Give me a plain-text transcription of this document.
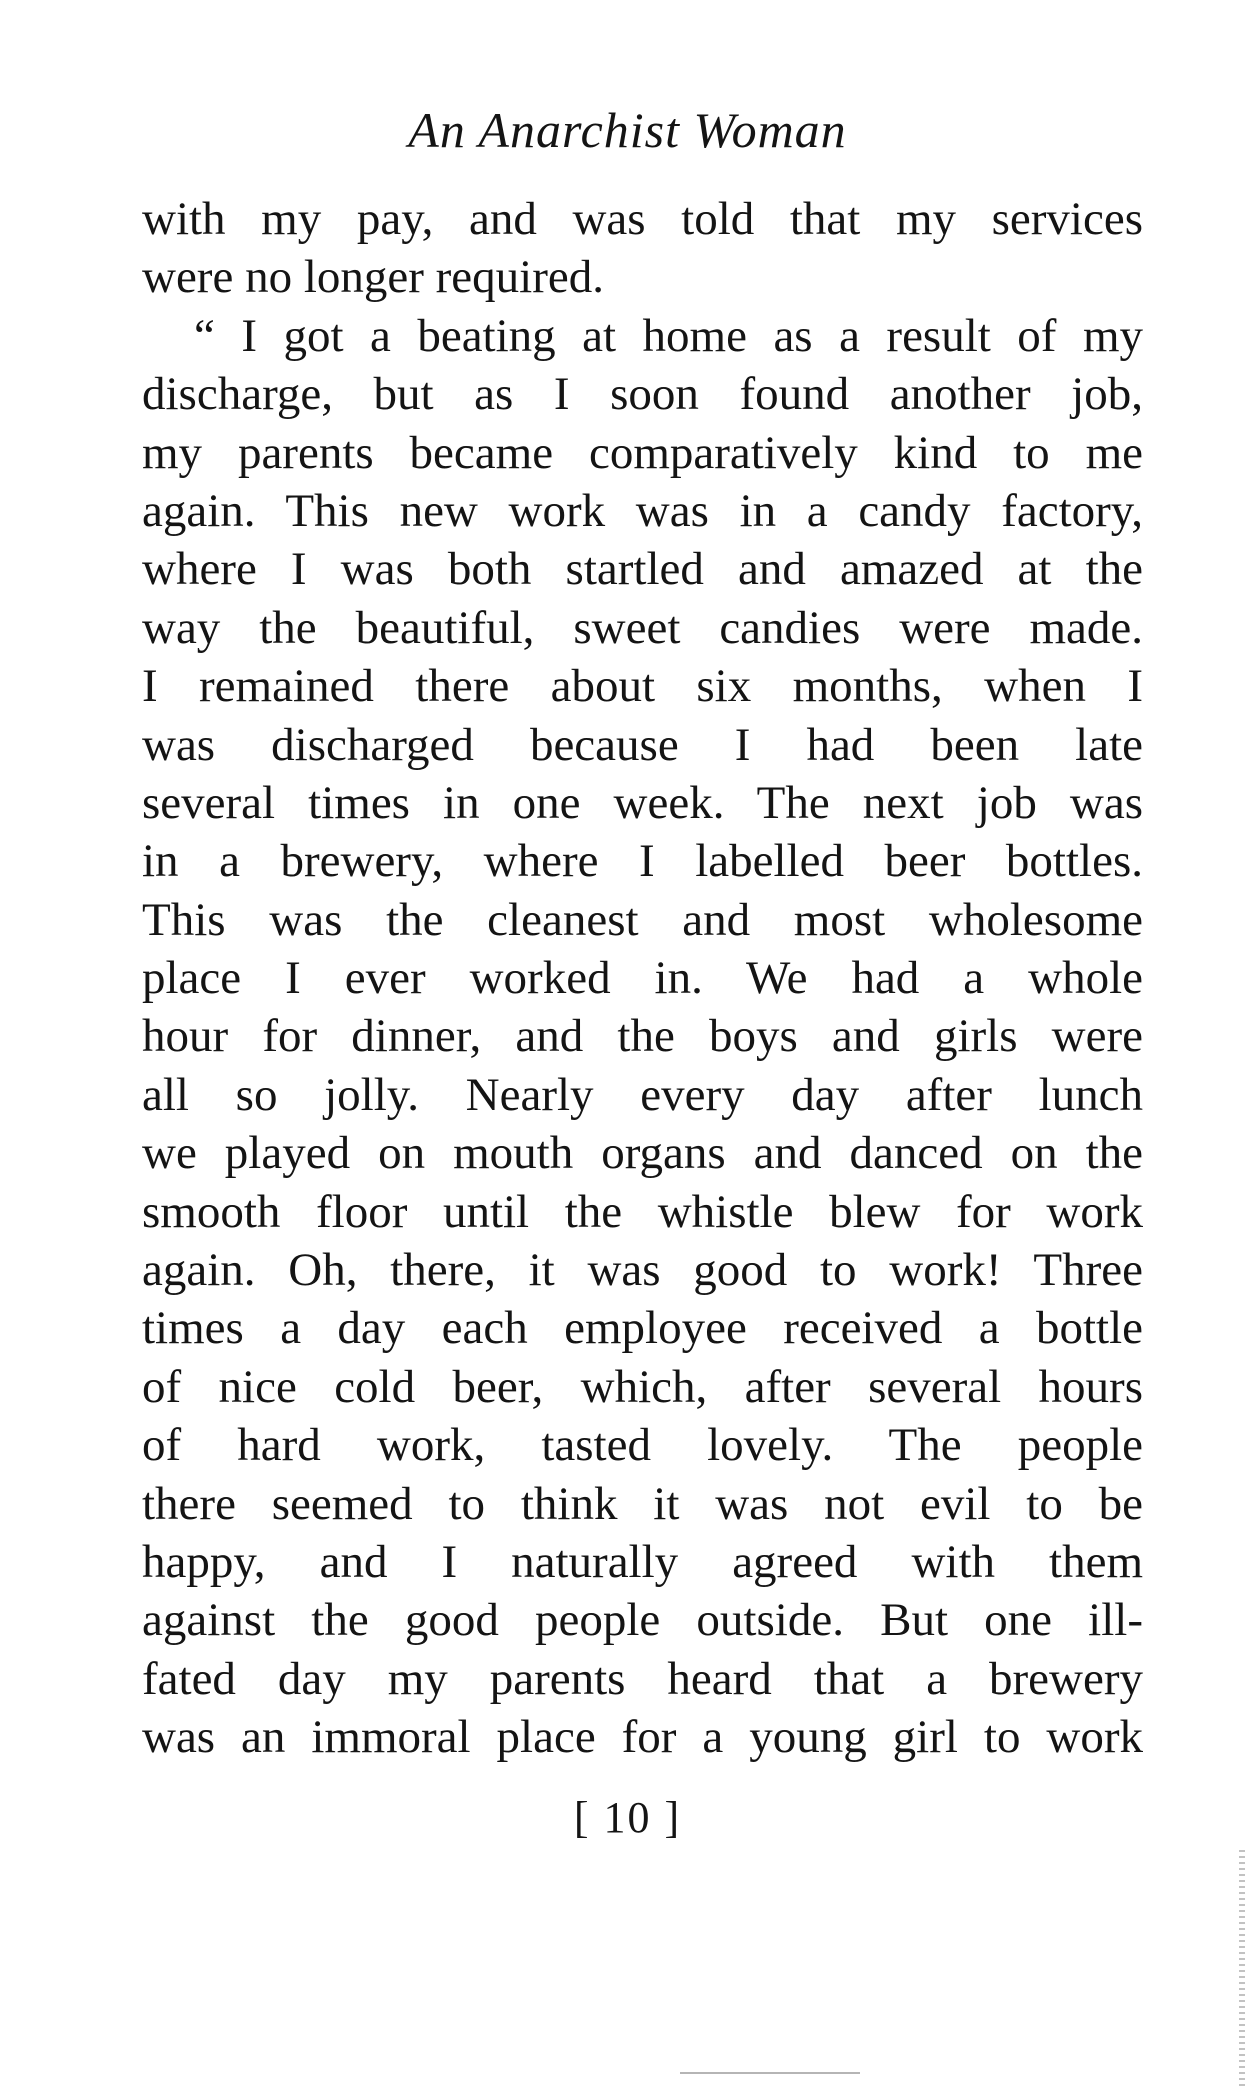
An Anarchist Woman
with my pay, and was told that my services
were no longer required.
“ I got a beating at home as a result of my
discharge, but as I soon found another job,
my parents became comparatively kind to me
again. This new work was in a candy factory,
where I was both startled and amazed at the
way the beautiful, sweet candies were made.
I remained there about six months, when I
was discharged because I had been late
several times in one week. The next job was
in a brewery, where I labelled beer bottles.
This was the cleanest and most wholesome
place I ever worked in. We had a whole
hour for dinner, and the boys and girls were
all so jolly. Nearly every day after lunch
we played on mouth organs and danced on the
smooth floor until the whistle blew for work
again. Oh, there, it was good to work! Three
times a day each employee received a bottle
of nice cold beer, which, after several hours
of hard work, tasted lovely. The people
there seemed to think it was not evil to be
happy, and I naturally agreed with them
against the good people outside. But one ill-
fated day my parents heard that a brewery
was an immoral place for a young girl to work
[ 10 ]
